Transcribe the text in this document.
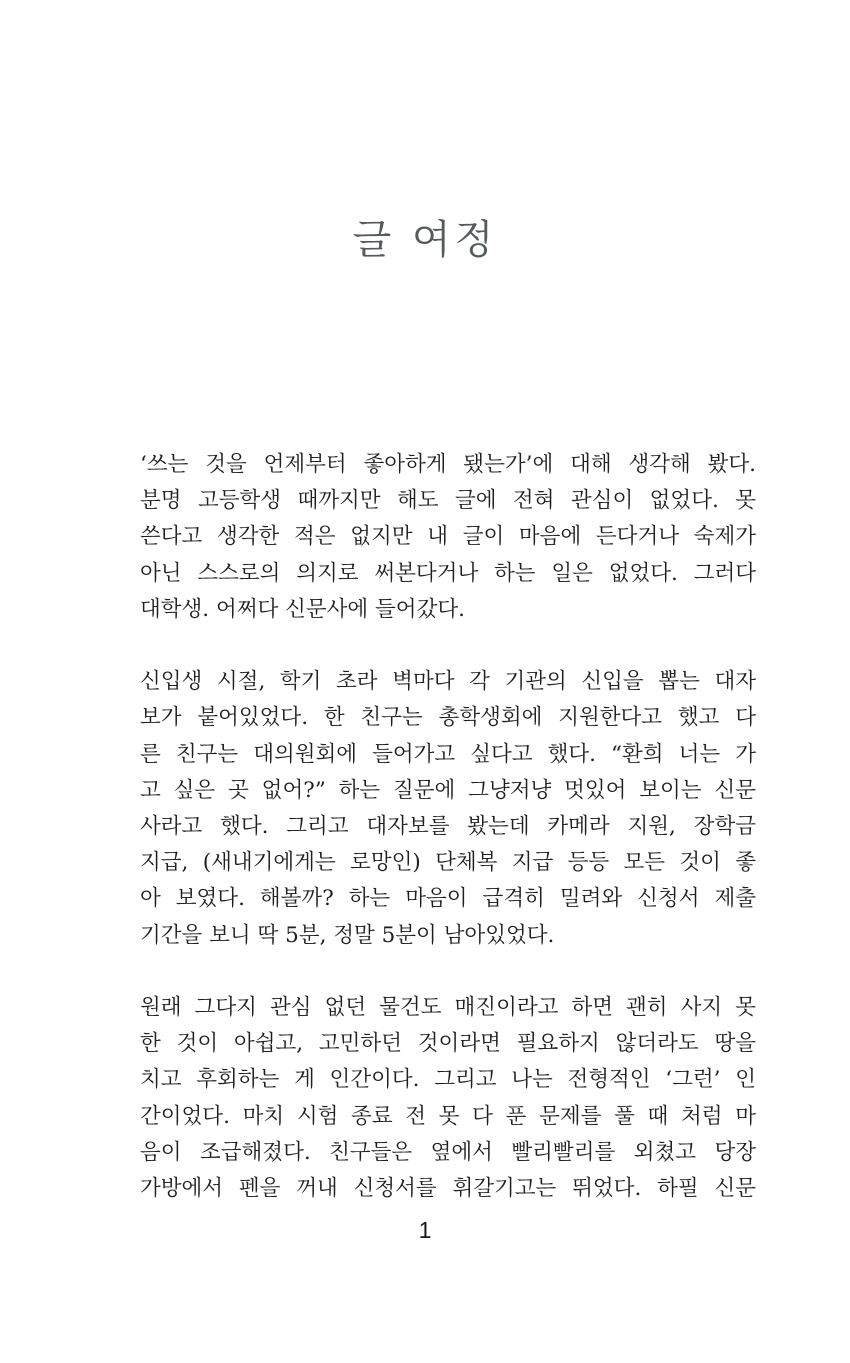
글 여정

‘쓰는 것을 언제부터 좋아하게 됐는가’에 대해 생각해 봤다.
분명 고등학생 때까지만 해도 글에 전혀 관심이 없었다. 못
쓴다고 생각한 적은 없지만 내 글이 마음에 든다거나 숙제가
아닌 스스로의 의지로 써본다거나 하는 일은 없었다. 그러다
대학생. 어쩌다 신문사에 들어갔다.

신입생 시절, 학기 초라 벽마다 각 기관의 신입을 뽑는 대자
보가 붙어있었다. 한 친구는 총학생회에 지원한다고 했고 다
른 친구는 대의원회에 들어가고 싶다고 했다. “환희 너는 가
고 싶은 곳 없어?” 하는 질문에 그냥저냥 멋있어 보이는 신문
사라고 했다. 그리고 대자보를 봤는데 카메라 지원, 장학금
지급, (새내기에게는 로망인) 단체복 지급 등등 모든 것이 좋
아 보였다. 해볼까? 하는 마음이 급격히 밀려와 신청서 제출
기간을 보니 딱 5분, 정말 5분이 남아있었다.

원래 그다지 관심 없던 물건도 매진이라고 하면 괜히 사지 못
한 것이 아쉽고, 고민하던 것이라면 필요하지 않더라도 땅을
치고 후회하는 게 인간이다. 그리고 나는 전형적인 ‘그런’ 인
간이었다. 마치 시험 종료 전 못 다 푼 문제를 풀 때 처럼 마
음이 조급해졌다. 친구들은 옆에서 빨리빨리를 외쳤고 당장
가방에서 펜을 꺼내 신청서를 휘갈기고는 뛰었다. 하필 신문

1
